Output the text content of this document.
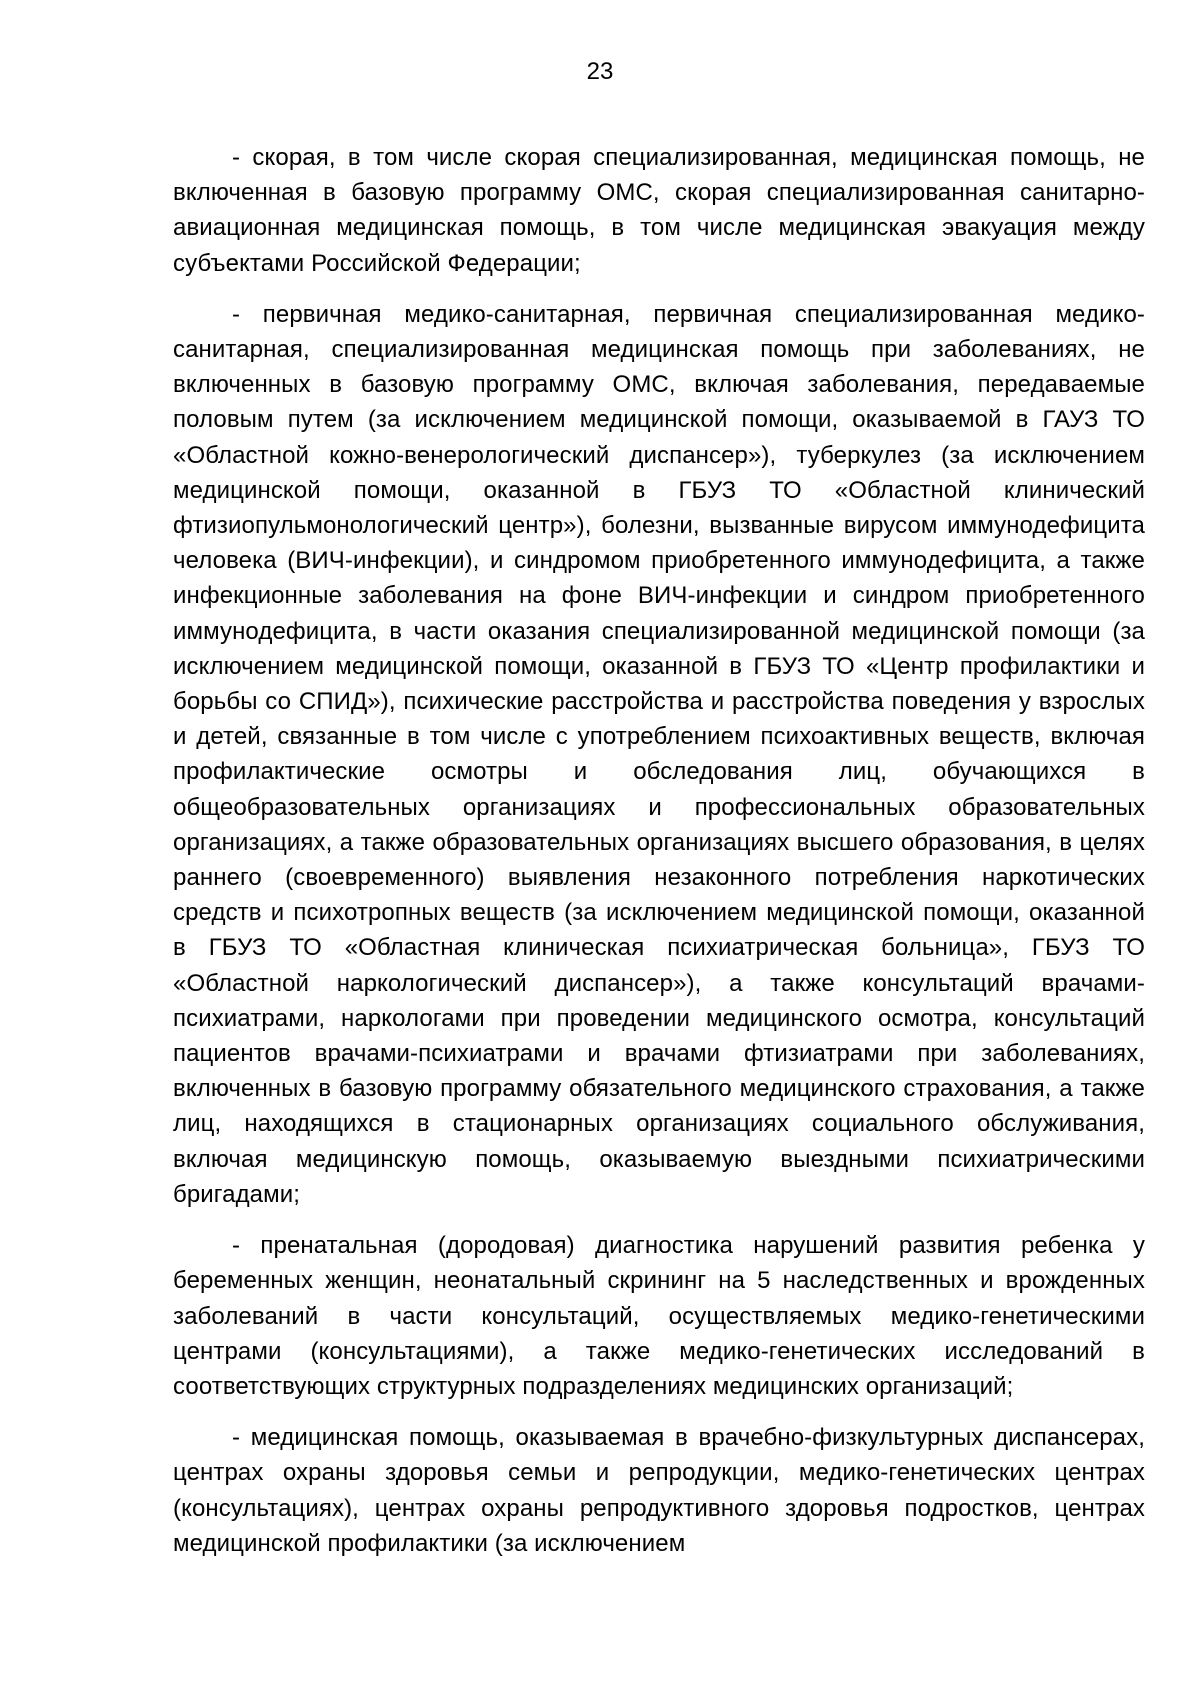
23

- скорая, в том числе скорая специализированная, медицинская помощь, не включенная в базовую программу ОМС, скорая специализированная санитарно-авиационная медицинская помощь, в том числе медицинская эвакуация между субъектами Российской Федерации;

- первичная медико-санитарная, первичная специализированная медико-санитарная, специализированная медицинская помощь при заболеваниях, не включенных в базовую программу ОМС, включая заболевания, передаваемые половым путем (за исключением медицинской помощи, оказываемой в ГАУЗ ТО «Областной кожно-венерологический диспансер»), туберкулез (за исключением медицинской помощи, оказанной в ГБУЗ ТО «Областной клинический фтизиопульмонологический центр»), болезни, вызванные вирусом иммунодефицита человека (ВИЧ-инфекции), и синдромом приобретенного иммунодефицита, а также инфекционные заболевания на фоне ВИЧ-инфекции и синдром приобретенного иммунодефицита, в части оказания специализированной медицинской помощи (за исключением медицинской помощи, оказанной в ГБУЗ ТО «Центр профилактики и борьбы со СПИД»), психические расстройства и расстройства поведения у взрослых и детей, связанные в том числе с употреблением психоактивных веществ, включая профилактические осмотры и обследования лиц, обучающихся в общеобразовательных организациях и профессиональных образовательных организациях, а также образовательных организациях высшего образования, в целях раннего (своевременного) выявления незаконного потребления наркотических средств и психотропных веществ (за исключением медицинской помощи, оказанной в ГБУЗ ТО «Областная клиническая психиатрическая больница», ГБУЗ ТО «Областной наркологический диспансер»), а также консультаций врачами-психиатрами, наркологами при проведении медицинского осмотра, консультаций пациентов врачами-психиатрами и врачами фтизиатрами при заболеваниях, включенных в базовую программу обязательного медицинского страхования, а также лиц, находящихся в стационарных организациях социального обслуживания, включая медицинскую помощь, оказываемую выездными психиатрическими бригадами;

- пренатальная (дородовая) диагностика нарушений развития ребенка у беременных женщин, неонатальный скрининг на 5 наследственных и врожденных заболеваний в части консультаций, осуществляемых медико-генетическими центрами (консультациями), а также медико-генетических исследований в соответствующих структурных подразделениях медицинских организаций;

- медицинская помощь, оказываемая в врачебно-физкультурных диспансерах, центрах охраны здоровья семьи и репродукции, медико-генетических центрах (консультациях), центрах охраны репродуктивного здоровья подростков, центрах медицинской профилактики (за исключением
